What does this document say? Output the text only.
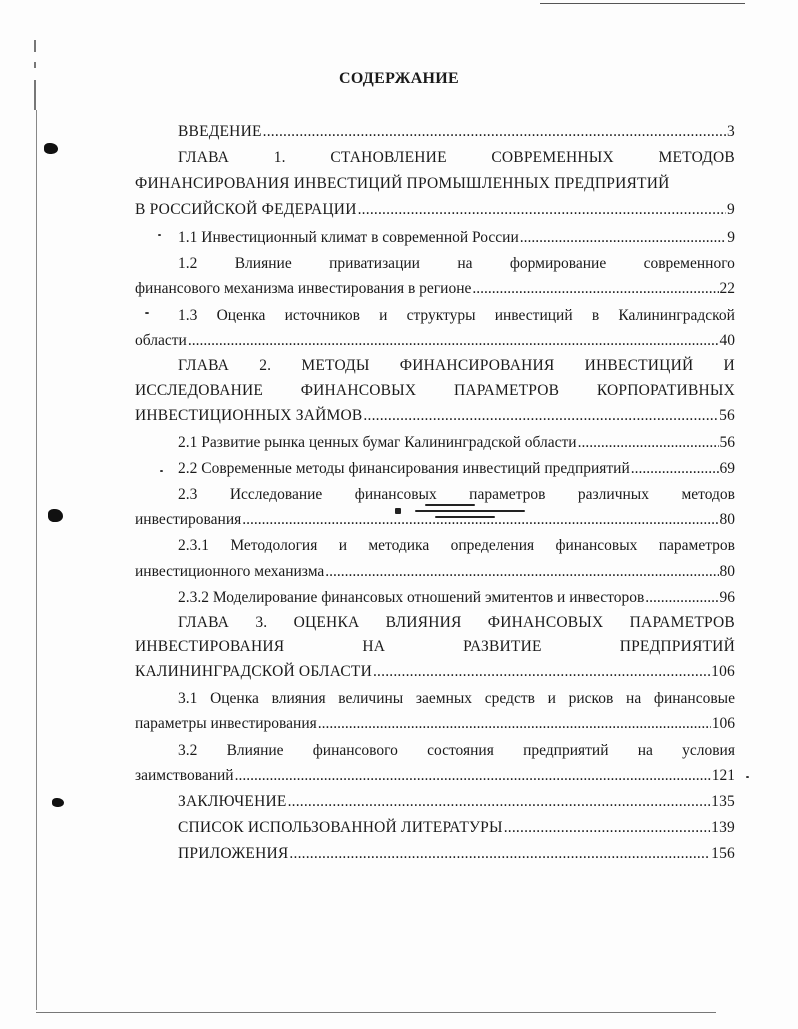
СОДЕРЖАНИЕ
ВВЕДЕНИЕ .....	3
ГЛАВА	1.	СТАНОВЛЕНИЕ	СОВРЕМЕННЫХ	МЕТОДОВ
ФИНАНСИРОВАНИЯ ИНВЕСТИЦИЙ ПРОМЫШЛЕННЫХ ПРЕДПРИЯТИЙ
В РОССИЙСКОЙ ФЕДЕРАЦИИ .....	9
1.1 Инвестиционный климат в современной России .....	9
1.2 Влияние приватизации на формирование современного
финансового механизма инвестирования в регионе .....	22
1.3 Оценка источников и структуры инвестиций в Калининградской
области .....	40
ГЛАВА 2. МЕТОДЫ ФИНАНСИРОВАНИЯ ИНВЕСТИЦИЙ И
ИССЛЕДОВАНИЕ ФИНАНСОВЫХ ПАРАМЕТРОВ КОРПОРАТИВНЫХ
ИНВЕСТИЦИОННЫХ ЗАЙМОВ .....	56
2.1 Развитие рынка ценных бумаг Калининградской области .....	56
2.2 Современные методы финансирования инвестиций предприятий .....	69
2.3 Исследование финансовых параметров различных методов
инвестирования .....	80
2.3.1 Методология и методика определения финансовых параметров
инвестиционного механизма .....	80
2.3.2 Моделирование финансовых отношений эмитентов и инвесторов .....	96
ГЛАВА 3. ОЦЕНКА ВЛИЯНИЯ ФИНАНСОВЫХ ПАРАМЕТРОВ
ИНВЕСТИРОВАНИЯ	НА	РАЗВИТИЕ	ПРЕДПРИЯТИЙ
КАЛИНИНГРАДСКОЙ ОБЛАСТИ .....	106
3.1 Оценка влияния величины заемных средств и рисков на финансовые
параметры инвестирования .....	106
3.2 Влияние финансового состояния предприятий на условия
заимствований .....	121
ЗАКЛЮЧЕНИЕ .....	135
СПИСОК ИСПОЛЬЗОВАННОЙ ЛИТЕРАТУРЫ .....	139
ПРИЛОЖЕНИЯ .....	156
